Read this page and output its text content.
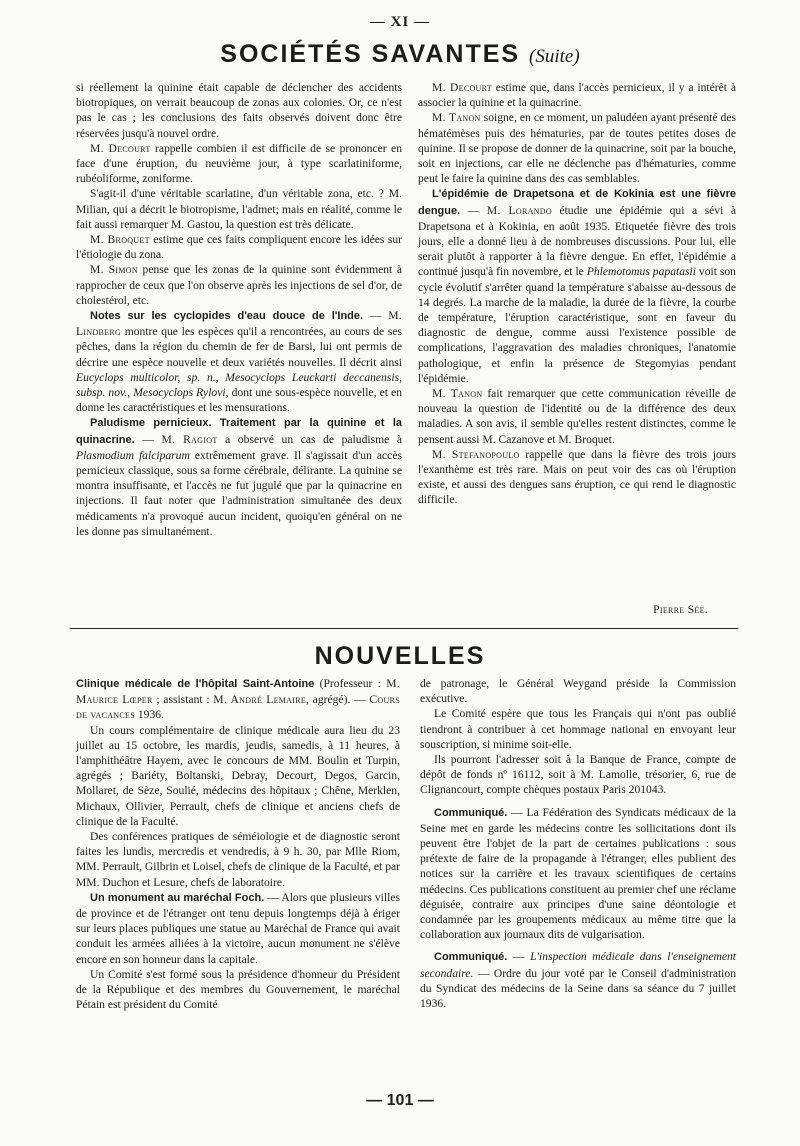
— XI —
SOCIÉTÉS SAVANTES (Suite)

si réellement la quinine était capable de déclencher des accidents biotropiques, on verrait beaucoup de zonas aux colonies. Or, ce n'est pas le cas ; les conclusions des faits observés doivent donc être réservées jusqu'à nouvel ordre.

M. Decourt rappelle combien il est difficile de se prononcer en face d'une éruption, du neuvième jour, à type scarlatiniforme, rubéoliforme, zoniforme.

S'agit-il d'une véritable scarlatine, d'un véritable zona, etc. ? M. Milian, qui a décrit le biotropisme, l'admet; mais en réalité, comme le fait aussi remarquer M. Gastou, la question est très délicate.

M. Broquet estime que ces faits compliquent encore les idées sur l'étiologie du zona.

M. Simon pense que les zonas de la quinine sont évidemment à rapprocher de ceux que l'on observe après les injections de sel d'or, de cholestérol, etc.

Notes sur les cyclopides d'eau douce de l'Inde. — M. Lindberg montre que les espèces qu'il a rencontrées, au cours de ses pêches, dans la région du chemin de fer de Barsi, lui ont permis de décrire une espèce nouvelle et deux variétés nouvelles. Il décrit ainsi Eucyclops multicolor, sp. n., Mesocyclops Leuckarti deccanensis, subsp. nov., Mesocyclops Rylovi, dont une sous-espèce nouvelle, et en donne les caractéristiques et les mensurations.

Paludisme pernicieux. Traitement par la quinine et la quinacrine. — M. Ragiot a observé un cas de paludisme à Plasmodium falciparum extrêmement grave. Il s'agissait d'un accès pernicieux classique, sous sa forme cérébrale, délirante. La quinine se montra insuffisante, et l'accès ne fut jugulé que par la quinacrine en injections. Il faut noter que l'administration simultanée des deux médicaments n'a provoqué aucun incident, quoiqu'en général on ne les donne pas simultanément.

M. Decourt estime que, dans l'accès pernicieux, il y a intérêt à associer la quinine et la quinacrine.

M. Tanon soigne, en ce moment, un paludéen ayant présenté des hématémèses puis des hématuries, par de toutes petites doses de quinine. Il se propose de donner de la quinacrine, soit par la bouche, soit en injections, car elle ne déclenche pas d'hématuries, comme peut le faire la quinine dans des cas semblables.

L'épidémie de Drapetsona et de Kokinia est une fièvre dengue. — M. Lorando étudie une épidémie qui a sévi à Drapetsona et à Kokinia, en août 1935. Etiquetée fièvre des trois jours, elle a donné lieu à de nombreuses discussions. Pour lui, elle serait plutôt à rapporter à la fièvre dengue. En effet, l'épidémie a continué jusqu'à fin novembre, et le Phlemotomus papatasii voit son cycle évolutif s'arrêter quand la température s'abaisse au-dessous de 14 degrés. La marche de la maladie, la durée de la fièvre, la courbe de température, l'éruption caractéristique, sont en faveur du diagnostic de dengue, comme aussi l'existence possible de complications, l'aggravation des maladies chroniques, l'anatomie pathologique, et enfin la présence de Stegomyias pendant l'épidémie.

M. Tanon fait remarquer que cette communication réveille de nouveau la question de l'identité ou de la différence des deux maladies. A son avis, il semble qu'elles restent distinctes, comme le pensent aussi M. Cazanove et M. Broquet.

M. Stefanopoulo rappelle que dans la fièvre des trois jours l'exanthème est très rare. Mais on peut voir des cas où l'éruption existe, et aussi des dengues sans éruption, ce qui rend le diagnostic difficile.

Pierre Sée.
NOUVELLES

Clinique médicale de l'hôpital Saint-Antoine (Professeur : M. Maurice Lœper ; assistant : M. André Lemaire, agrégé). — Cours de vacances 1936.

Un cours complémentaire de clinique médicale aura lieu du 23 juillet au 15 octobre, les mardis, jeudis, samedis, à 11 heures, à l'amphithéâtre Hayem, avec le concours de MM. Boulin et Turpin, agrégés ; Bariéty, Boltanski, Debray, Decourt, Degos, Garcin, Mollaret, de Sèze, Soulié, médecins des hôpitaux ; Chêne, Merklen, Michaux, Ollivier, Perrault, chefs de clinique et anciens chefs de clinique de la Faculté.

Des conférences pratiques de séméiologie et de diagnostic seront faites les lundis, mercredis et vendredis, à 9 h. 30, par Mlle Riom, MM. Perrault, Gilbrin et Loisel, chefs de clinique de la Faculté, et par MM. Duchon et Lesure, chefs de laboratoire.

Un monument au maréchal Foch. — Alors que plusieurs villes de province et de l'étranger ont tenu depuis longtemps déjà à ériger sur leurs places publiques une statue au Maréchal de France qui avait conduit les armées alliées à la victoire, aucun monument ne s'élève encore en son honneur dans la capitale.

Un Comité s'est formé sous la présidence d'honneur du Président de la République et des membres du Gouvernement, le maréchal Pétain est président du Comité

de patronage, le Général Weygand préside la Commission exécutive.

Le Comité espère que tous les Français qui n'ont pas oublié tiendront à contribuer à cet hommage national en envoyant leur souscription, si minime soit-elle.

Ils pourront l'adresser soit à la Banque de France, compte de dépôt de fonds nº 16112, soit à M. Lamolle, trésorier, 6, rue de Clignancourt, compte chèques postaux Paris 201043.

Communiqué. — La Fédération des Syndicats médicaux de la Seine met en garde les médecins contre les sollicitations dont ils peuvent être l'objet de la part de certaines publications : sous prétexte de faire de la propagande à l'étranger, elles publient des notices sur la carrière et les travaux scientifiques de certains médecins. Ces publications constituent au premier chef une réclame déguisée, contraire aux principes d'une saine déontologie et condamnée par les groupements médicaux au même titre que la collaboration aux journaux dits de vulgarisation.

Communiqué. — L'inspection médicale dans l'enseignement secondaire. — Ordre du jour voté par le Conseil d'administration du Syndicat des médecins de la Seine dans sa séance du 7 juillet 1936.

— 101 —
